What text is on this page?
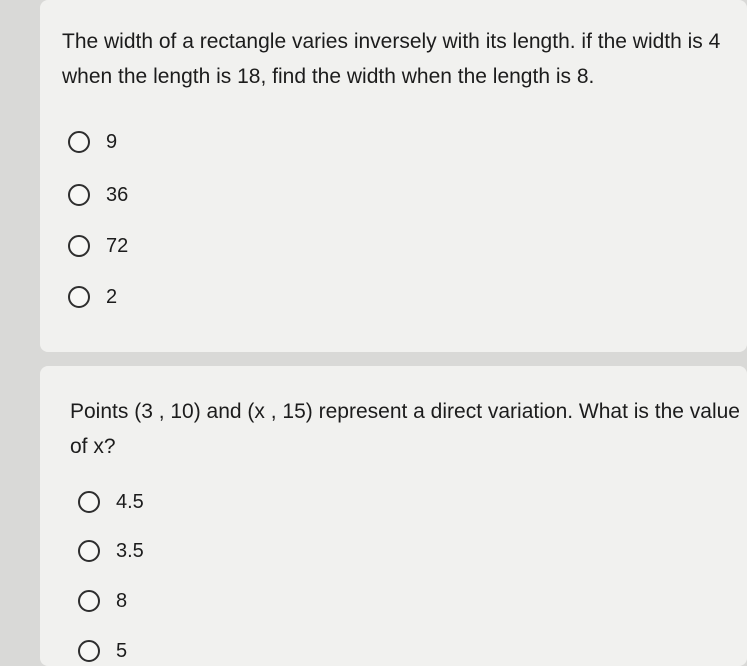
The width of a rectangle varies inversely with its length. if the width is 4 when the length is 18, find the width when the length is 8.

9
36
72
2

Points (3 , 10) and (x , 15) represent a direct variation. What is the value of x?

4.5
3.5
8
5
